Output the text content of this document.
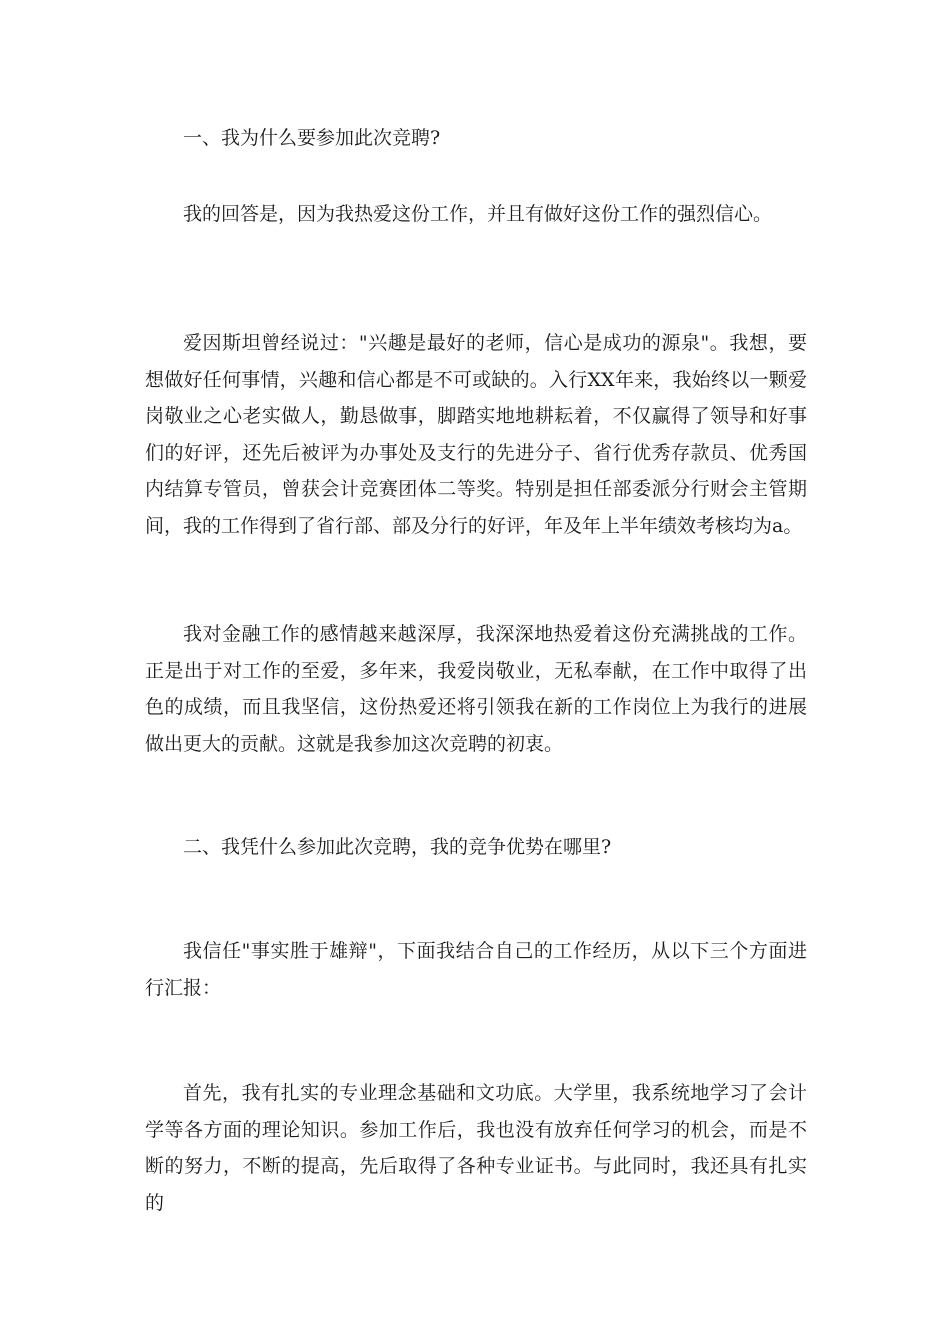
一、我为什么要参加此次竞聘?

我的回答是，因为我热爱这份工作，并且有做好这份工作的强烈信心。

爱因斯坦曾经说过："兴趣是最好的老师，信心是成功的源泉"。我想，要想做好任何事情，兴趣和信心都是不可或缺的。入行XX年来，我始终以一颗爱岗敬业之心老实做人，勤恳做事，脚踏实地地耕耘着，不仅赢得了领导和好事们的好评，还先后被评为办事处及支行的先进分子、省行优秀存款员、优秀国内结算专管员，曾获会计竞赛团体二等奖。特别是担任部委派分行财会主管期间，我的工作得到了省行部、部及分行的好评，年及年上半年绩效考核均为a。

我对金融工作的感情越来越深厚，我深深地热爱着这份充满挑战的工作。正是出于对工作的至爱，多年来，我爱岗敬业，无私奉献，在工作中取得了出色的成绩，而且我坚信，这份热爱还将引领我在新的工作岗位上为我行的进展做出更大的贡献。这就是我参加这次竞聘的初衷。

二、我凭什么参加此次竞聘，我的竞争优势在哪里?

我信任"事实胜于雄辩"，下面我结合自己的工作经历，从以下三个方面进行汇报：

首先，我有扎实的专业理念基础和文功底。大学里，我系统地学习了会计学等各方面的理论知识。参加工作后，我也没有放弃任何学习的机会，而是不断的努力，不断的提高，先后取得了各种专业证书。与此同时，我还具有扎实的
